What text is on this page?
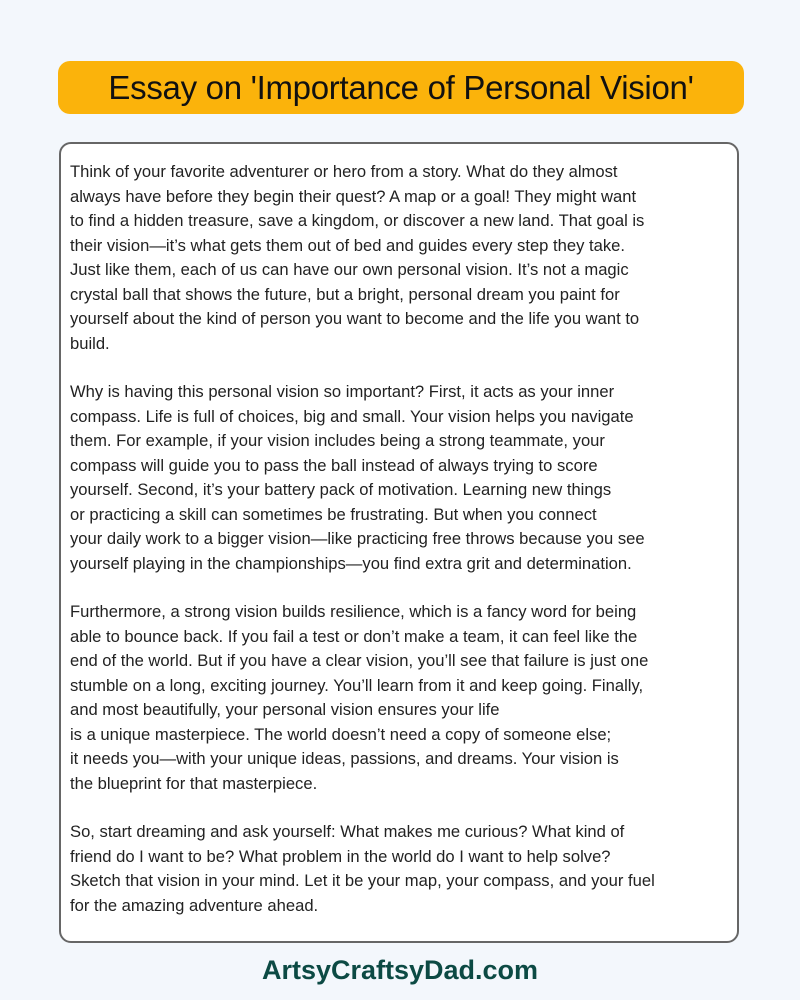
Essay on 'Importance of Personal Vision'
Think of your favorite adventurer or hero from a story. What do they almost
always have before they begin their quest? A map or a goal! They might want
to find a hidden treasure, save a kingdom, or discover a new land. That goal is
their vision—it’s what gets them out of bed and guides every step they take.
Just like them, each of us can have our own personal vision. It’s not a magic
crystal ball that shows the future, but a bright, personal dream you paint for
yourself about the kind of person you want to become and the life you want to
build.
Why is having this personal vision so important? First, it acts as your inner
compass. Life is full of choices, big and small. Your vision helps you navigate
them. For example, if your vision includes being a strong teammate, your
compass will guide you to pass the ball instead of always trying to score
yourself. Second, it’s your battery pack of motivation. Learning new things
or practicing a skill can sometimes be frustrating. But when you connect
your daily work to a bigger vision—like practicing free throws because you see
yourself playing in the championships—you find extra grit and determination.
Furthermore, a strong vision builds resilience, which is a fancy word for being
able to bounce back. If you fail a test or don’t make a team, it can feel like the
end of the world. But if you have a clear vision, you’ll see that failure is just one
stumble on a long, exciting journey. You’ll learn from it and keep going. Finally,
and most beautifully, your personal vision ensures your life
is a unique masterpiece. The world doesn’t need a copy of someone else;
it needs you—with your unique ideas, passions, and dreams. Your vision is
the blueprint for that masterpiece.
So, start dreaming and ask yourself: What makes me curious? What kind of
friend do I want to be? What problem in the world do I want to help solve?
Sketch that vision in your mind. Let it be your map, your compass, and your fuel
for the amazing adventure ahead.
ArtsyCraftsyDad.com
